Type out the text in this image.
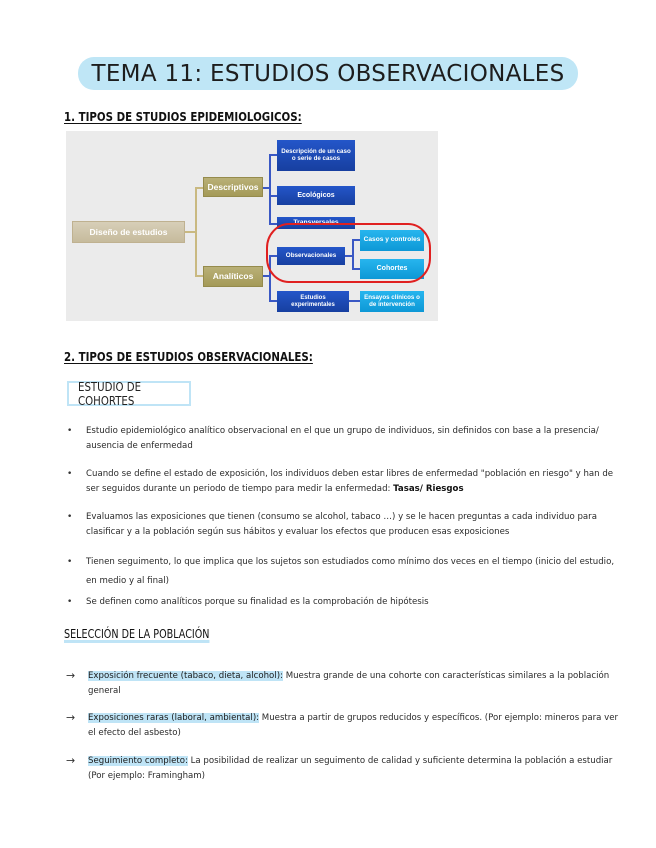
TEMA 11: ESTUDIOS OBSERVACIONALES
1. TIPOS DE STUDIOS EPIDEMIOLOGICOS:
Diseño de estudios
Descriptivos
Analíticos
Descripción de un caso o serie de casos
Ecológicos
Transversales
Observacionales
Casos y controles
Cohortes
Estudios experimentales
Ensayos clínicos o de intervención
2. TIPOS DE ESTUDIOS OBSERVACIONALES:
ESTUDIO DE COHORTES
• Estudio epidemiológico analítico observacional en el que un grupo de individuos, sin definidos con base a la presencia/ ausencia de enfermedad
• Cuando se define el estado de exposición, los individuos deben estar libres de enfermedad "población en riesgo" y han de ser seguidos durante un periodo de tiempo para medir la enfermedad: Tasas/ Riesgos
• Evaluamos las exposiciones que tienen (consumo se alcohol, tabaco …) y se le hacen preguntas a cada individuo para clasificar y a la población según sus hábitos y evaluar los efectos que producen esas exposiciones
• Tienen seguimento, lo que implica que los sujetos son estudiados como mínimo dos veces en el tiempo (inicio del estudio, en medio y al final)
• Se definen como analíticos porque su finalidad es la comprobación de hipótesis
SELECCIÓN DE LA POBLACIÓN
→	Exposición frecuente (tabaco, dieta, alcohol): Muestra grande de una cohorte con características similares a la población general
→	Exposiciones raras (laboral, ambiental): Muestra a partir de grupos reducidos y específicos. (Por ejemplo: mineros para ver el efecto del asbesto)
→	Seguimiento completo: La posibilidad de realizar un seguimento de calidad y suficiente determina la población a estudiar (Por ejemplo: Framingham)
